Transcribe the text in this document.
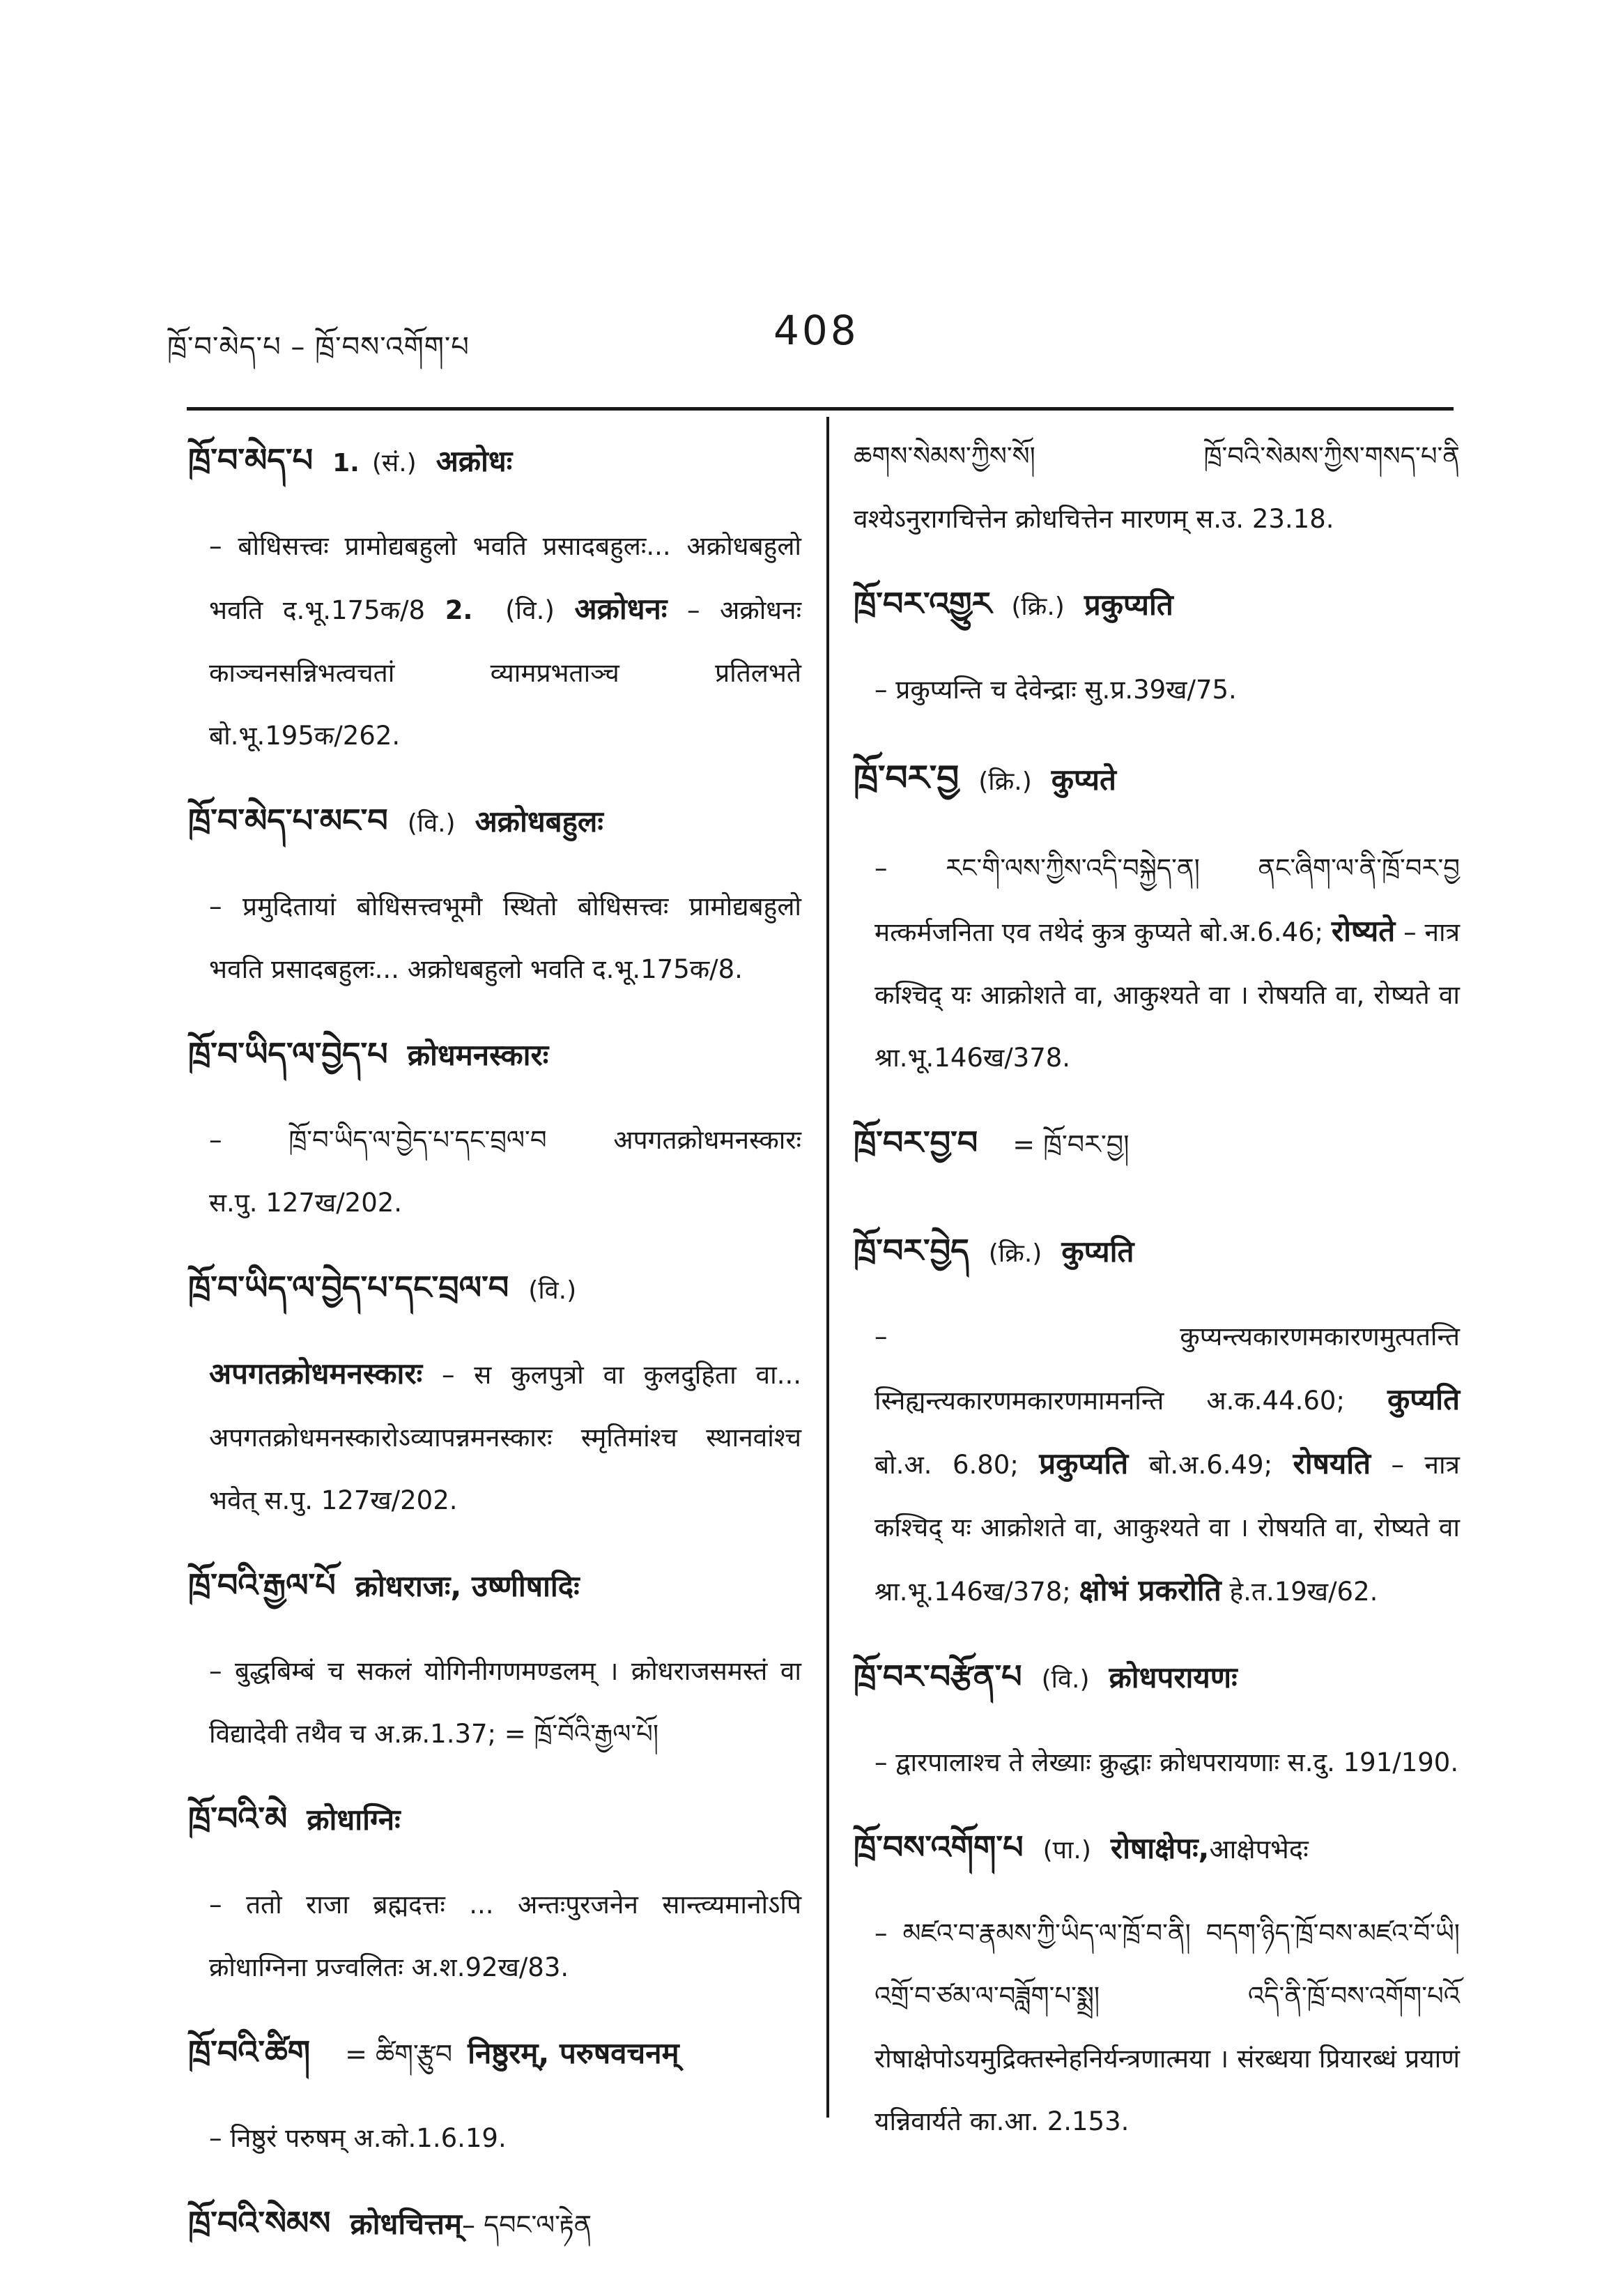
ཁྲོ་བ་མེད་པ – ཁྲོ་བས་འགོག་པ	408
ཁྲོ་བ་མེད་པ 1. (सं.) अक्रोधः
– बोधिसत्त्वः प्रामोद्यबहुलो भवति प्रसादबहुलः... अक्रोधबहुलो भवति द.भू.175क/8 2. (वि.) अक्रोधनः – अक्रोधनः काञ्चनसन्निभत्वचतां व्यामप्रभताञ्च प्रतिलभते बो.भू.195क/262.
ཁྲོ་བ་མེད་པ་མང་བ (वि.) अक्रोधबहुलः
– प्रमुदितायां बोधिसत्त्वभूमौ स्थितो बोधिसत्त्वः प्रामोद्यबहुलो भवति प्रसादबहुलः... अक्रोधबहुलो भवति द.भू.175क/8.
ཁྲོ་བ་ཡིད་ལ་བྱེད་པ क्रोधमनस्कारः
– ཁྲོ་བ་ཡིད་ལ་བྱེད་པ་དང་བྲལ་བ अपगतक्रोधमनस्कारः स.पु. 127ख/202.
ཁྲོ་བ་ཡིད་ལ་བྱེད་པ་དང་བྲལ་བ (वि.)
अपगतक्रोधमनस्कारः – स कुलपुत्रो वा कुलदुहिता वा... अपगतक्रोधमनस्कारोऽव्यापन्नमनस्कारः स्मृतिमांश्च स्थानवांश्च भवेत् स.पु. 127ख/202.
ཁྲོ་བའི་རྒྱལ་པོ क्रोधराजः, उष्णीषादिः
– बुद्धबिम्बं च सकलं योगिनीगणमण्डलम् । क्रोधराजसमस्तं वा विद्यादेवी तथैव च अ.क्र.1.37; = ཁྲོ་བོའི་རྒྱལ་པོ།
ཁྲོ་བའི་མེ क्रोधाग्निः
– ततो राजा ब्रह्मदत्तः ... अन्तःपुरजनेन सान्त्व्यमानोऽपि क्रोधाग्निना प्रज्वलितः अ.श.92ख/83.
ཁྲོ་བའི་ཚིག = ཚིག་རྩུབ निष्ठुरम्, परुषवचनम्
– निष्ठुरं परुषम् अ.को.1.6.19.
ཁྲོ་བའི་སེམས क्रोधचित्तम् – དབང་ལ་རྟེན
ཆགས་སེམས་ཀྱིས་སོ། ཁྲོ་བའི་སེམས་ཀྱིས་གསད་པ་ནི वश्येऽनुरागचित्तेन क्रोधचित्तेन मारणम् स.उ. 23.18.
ཁྲོ་བར་འགྱུར (क्रि.) प्रकुप्यति
– प्रकुप्यन्ति च देवेन्द्राः सु.प्र.39ख/75.
ཁྲོ་བར་བྱ (क्रि.) कुप्यते
– རང་གི་ལས་ཀྱིས་འདི་བསྐྱེད་ན། ནང་ཞིག་ལ་ནི་ཁྲོ་བར་བྱ मत्कर्मजनिता एव तथेदं कुत्र कुप्यते बो.अ.6.46; रोष्यते – नात्र कश्चिद् यः आक्रोशते वा, आकुश्यते वा । रोषयति वा, रोष्यते वा श्रा.भू.146ख/378.
ཁྲོ་བར་བྱ་བ = ཁྲོ་བར་བྱ།
ཁྲོ་བར་བྱེད (क्रि.) कुप्यति
– कुप्यन्त्यकारणमकारणमुत्पतन्ति स्निह्यन्त्यकारणमकारणमामनन्ति अ.क.44.60; कुप्यति बो.अ. 6.80; प्रकुप्यति बो.अ.6.49; रोषयति – नात्र कश्चिद् यः आक्रोशते वा, आकुश्यते वा । रोषयति वा, रोष्यते वा श्रा.भू.146ख/378; क्षोभं प्रकरोति हे.त.19ख/62.
ཁྲོ་བར་བརྩོན་པ (वि.) क्रोधपरायणः
– द्वारपालाश्च ते लेख्याः क्रुद्धाः क्रोधपरायणाः स.दु. 191/190.
ཁྲོ་བས་འགོག་པ (पा.) रोषाक्षेपः, आक्षेपभेदः
– མཛའ་བ་རྣམས་ཀྱི་ཡིད་ལ་ཁྲོ་བ་ནི། བདག་ཉིད་ཁྲོ་བས་མཛའ་བོ་ཡི། འགྲོ་བ་ཙམ་ལ་བཟློག་པ་སྨྲ། འདི་ནི་ཁྲོ་བས་འགོག་པའོ रोषाक्षेपोऽयमुद्रिक्तस्नेहनिर्यन्त्रणात्मया । संरब्धया प्रियारब्धं प्रयाणं यन्निवार्यते का.आ. 2.153.
